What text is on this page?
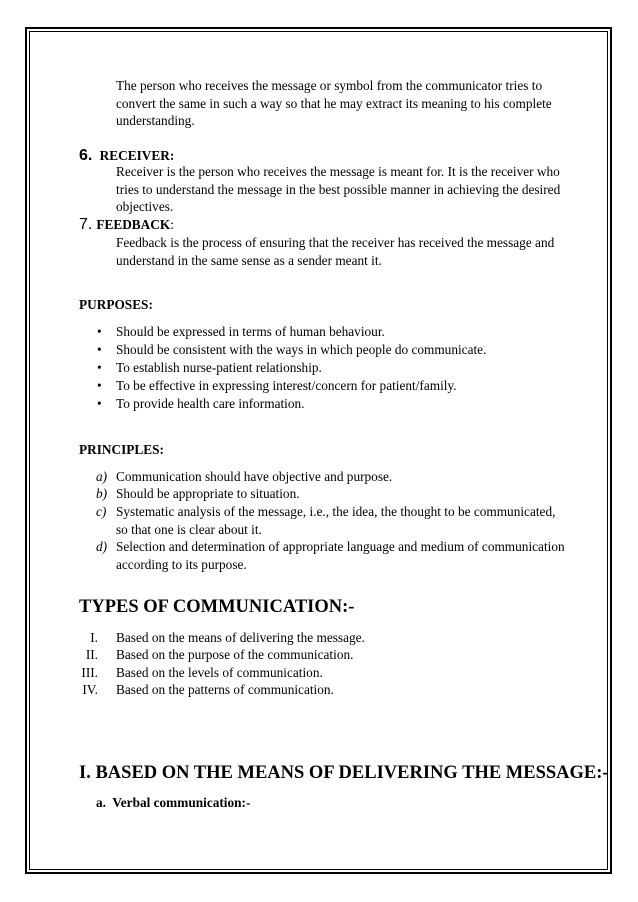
The person who receives the message or symbol from the communicator tries to convert the same in such a way so that he may extract its meaning to his complete understanding.

6. RECEIVER:

Receiver is the person who receives the message is meant for. It is the receiver who tries to understand the message in the best possible manner in achieving the desired objectives.

7. FEEDBACK:

Feedback is the process of ensuring that the receiver has received the message and understand in the same sense as a sender meant it.

PURPOSES:
• Should be expressed in terms of human behaviour.
• Should be consistent with the ways in which people do communicate.
• To establish nurse-patient relationship.
• To be effective in expressing interest/concern for patient/family.
• To provide health care information.
PRINCIPLES:
a) Communication should have objective and purpose.
b) Should be appropriate to situation.
c) Systematic analysis of the message, i.e., the idea, the thought to be communicated, so that one is clear about it.
d) Selection and determination of appropriate language and medium of communication according to its purpose.
TYPES OF COMMUNICATION:-
I. Based on the means of delivering the message.
II. Based on the purpose of the communication.
III. Based on the levels of communication.
IV. Based on the patterns of communication.
I. BASED ON THE MEANS OF DELIVERING THE MESSAGE:-
a.  Verbal communication:-
